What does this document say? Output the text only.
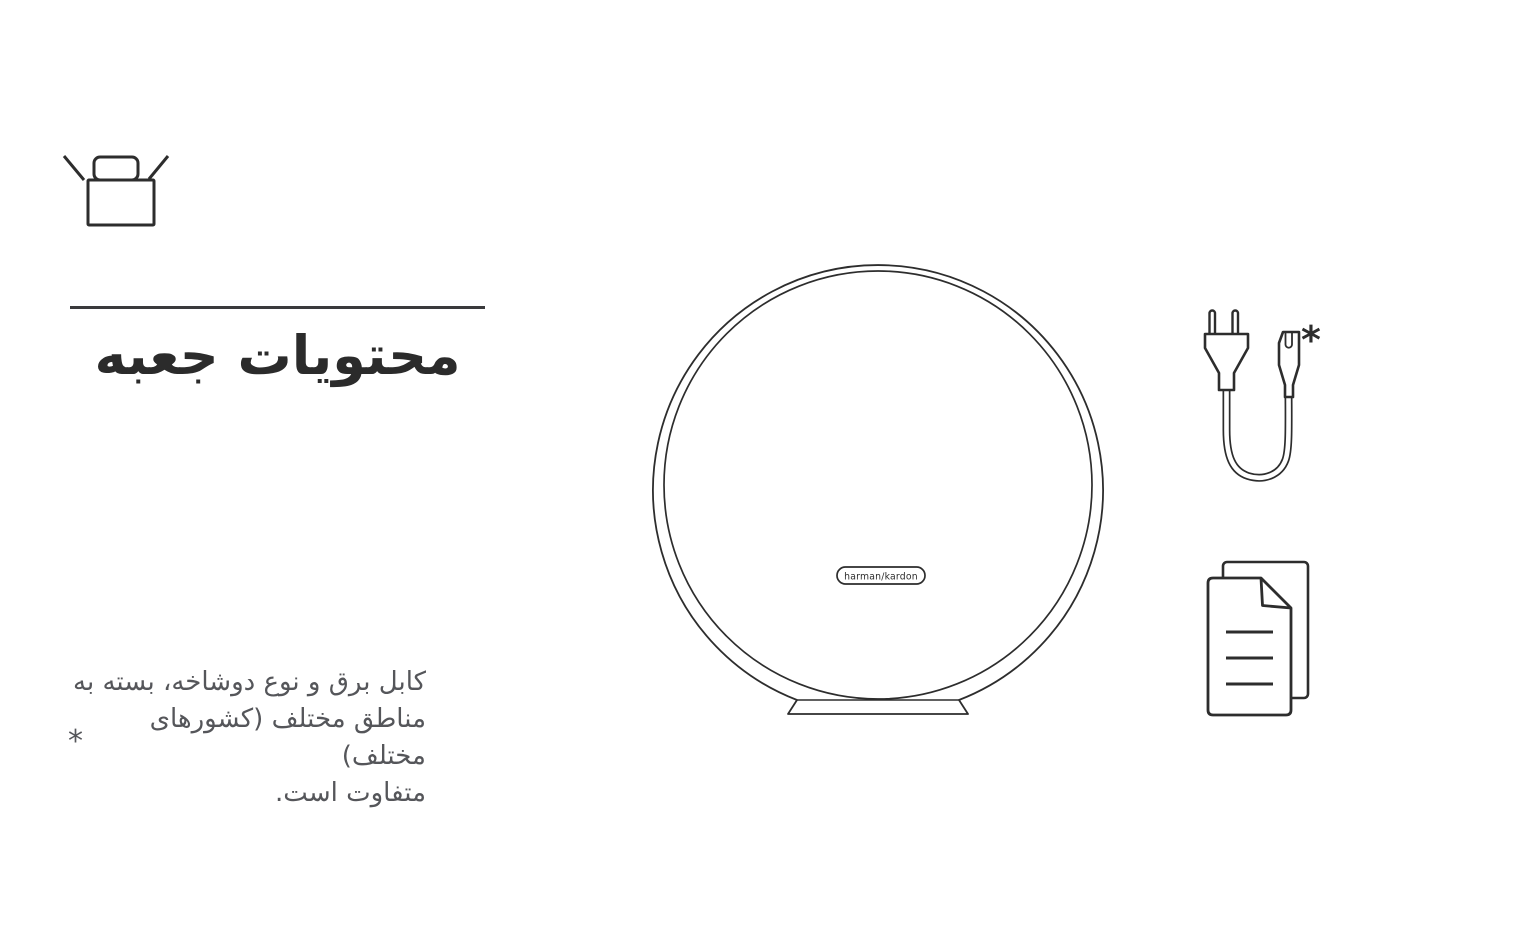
محتویات جعبه
harman/kardon
*
کابل برق و نوع دوشاخه، بسته به
مناطق مختلف (کشورهای مختلف)
متفاوت است.
*
